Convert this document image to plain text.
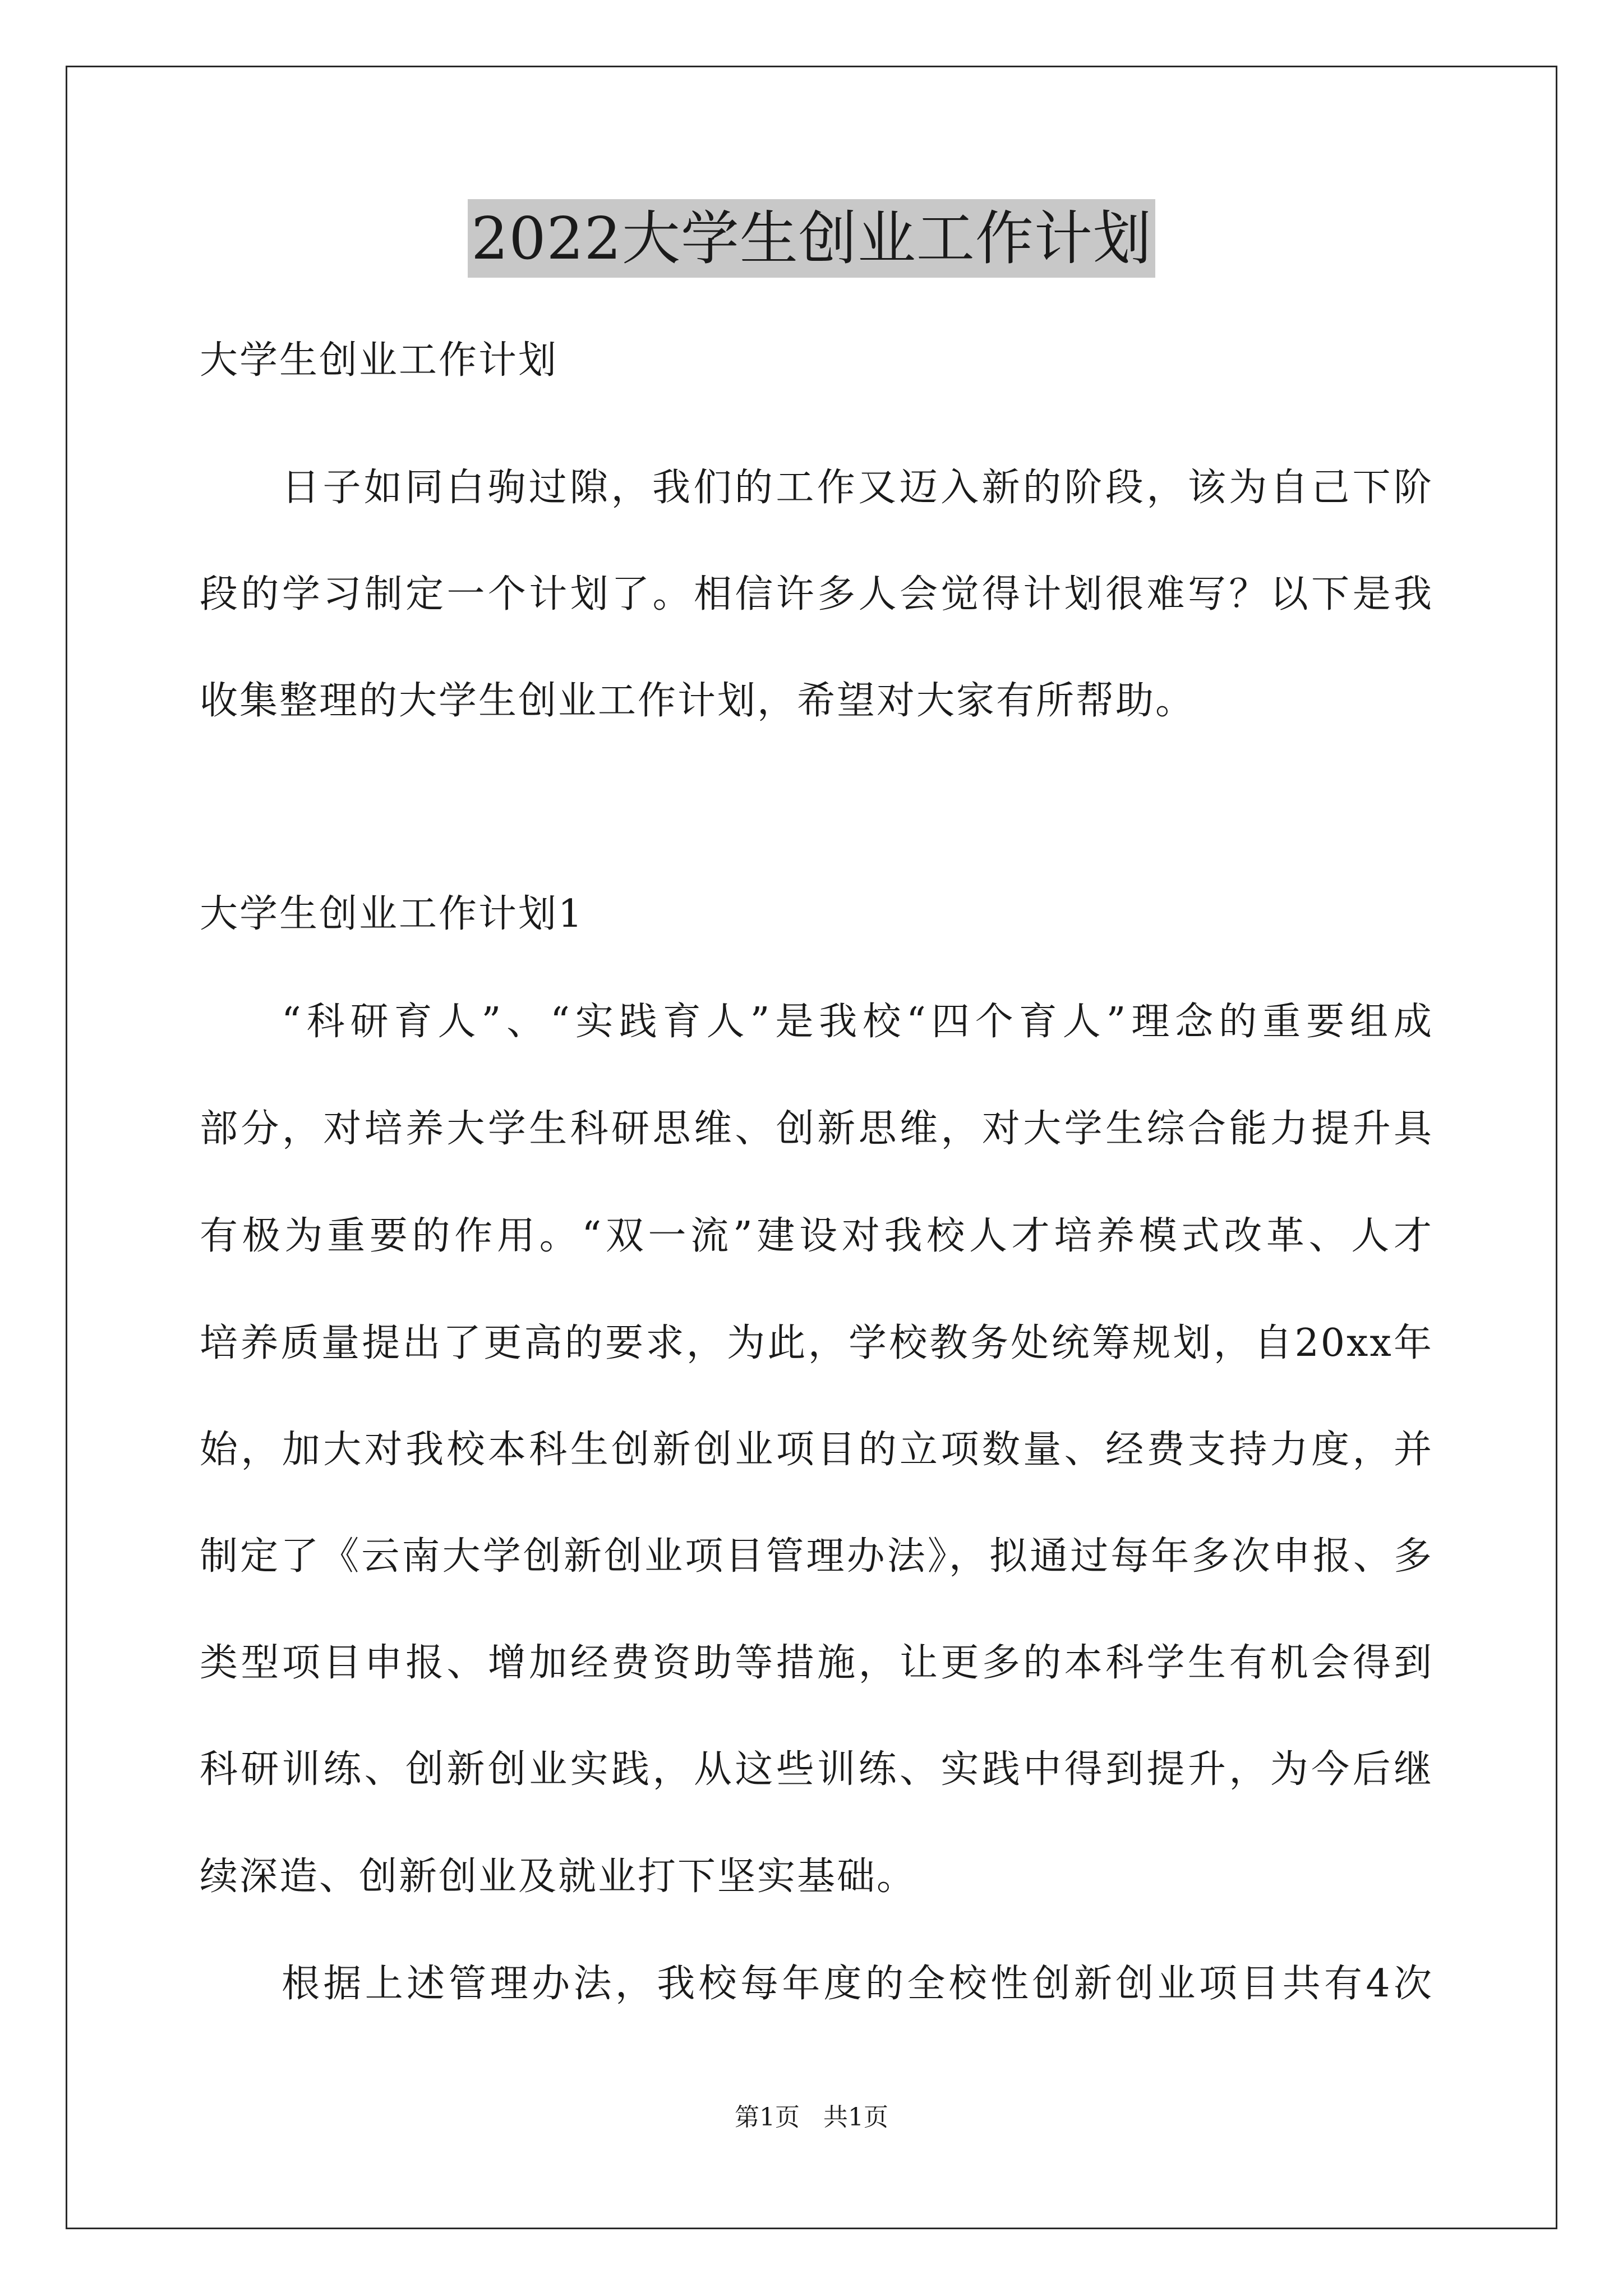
2022大学生创业工作计划
大学生创业工作计划
日子如同白驹过隙，我们的工作又迈入新的阶段，该为自己下阶
段的学习制定一个计划了。相信许多人会觉得计划很难写？以下是我
收集整理的大学生创业工作计划，希望对大家有所帮助。
大学生创业工作计划1
“科研育人”、“实践育人”是我校“四个育人”理念的重要组成
部分，对培养大学生科研思维、创新思维，对大学生综合能力提升具
有极为重要的作用。“双一流”建设对我校人才培养模式改革、人才
培养质量提出了更高的要求，为此，学校教务处统筹规划，自20xx年
始，加大对我校本科生创新创业项目的立项数量、经费支持力度，并
制定了《云南大学创新创业项目管理办法》，拟通过每年多次申报、多
类型项目申报、增加经费资助等措施，让更多的本科学生有机会得到
科研训练、创新创业实践，从这些训练、实践中得到提升，为今后继
续深造、创新创业及就业打下坚实基础。
根据上述管理办法，我校每年度的全校性创新创业项目共有4次
第1页   共1页
